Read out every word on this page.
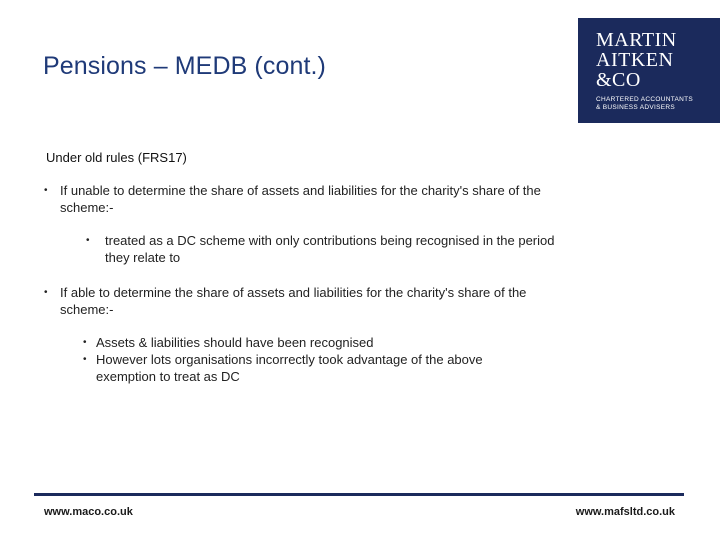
Pensions – MEDB (cont.)
MARTIN
AITKEN
&CO
CHARTERED ACCOUNTANTS
& BUSINESS ADVISERS
Under old rules (FRS17)
• If unable to determine the share of assets and liabilities for the charity's share of the scheme:-
• treated as a DC scheme with only contributions being recognised in the period they relate to
• If able to determine the share of assets and liabilities for the charity's share of the scheme:-
• Assets & liabilities should have been recognised
• However lots organisations incorrectly took advantage of the above exemption to treat as DC
www.maco.co.uk	www.mafsltd.co.uk
